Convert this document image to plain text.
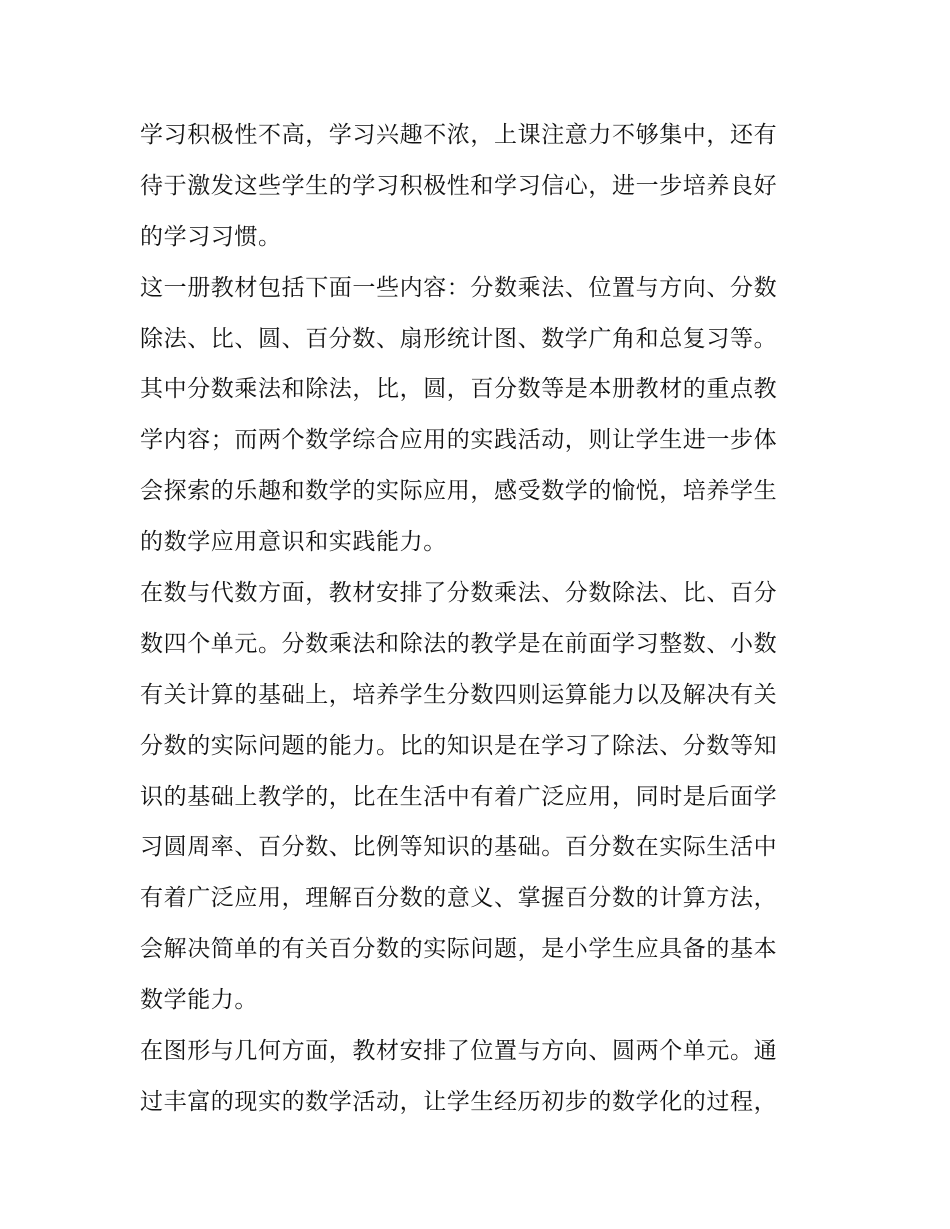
学习积极性不高，学习兴趣不浓，上课注意力不够集中，还有
待于激发这些学生的学习积极性和学习信心，进一步培养良好
的学习习惯。
这一册教材包括下面一些内容：分数乘法、位置与方向、分数
除法、比、圆、百分数、扇形统计图、数学广角和总复习等。
其中分数乘法和除法，比，圆，百分数等是本册教材的重点教
学内容；而两个数学综合应用的实践活动，则让学生进一步体
会探索的乐趣和数学的实际应用，感受数学的愉悦，培养学生
的数学应用意识和实践能力。
在数与代数方面，教材安排了分数乘法、分数除法、比、百分
数四个单元。分数乘法和除法的教学是在前面学习整数、小数
有关计算的基础上，培养学生分数四则运算能力以及解决有关
分数的实际问题的能力。比的知识是在学习了除法、分数等知
识的基础上教学的，比在生活中有着广泛应用，同时是后面学
习圆周率、百分数、比例等知识的基础。百分数在实际生活中
有着广泛应用，理解百分数的意义、掌握百分数的计算方法，
会解决简单的有关百分数的实际问题，是小学生应具备的基本
数学能力。
在图形与几何方面，教材安排了位置与方向、圆两个单元。通
过丰富的现实的数学活动，让学生经历初步的数学化的过程，
